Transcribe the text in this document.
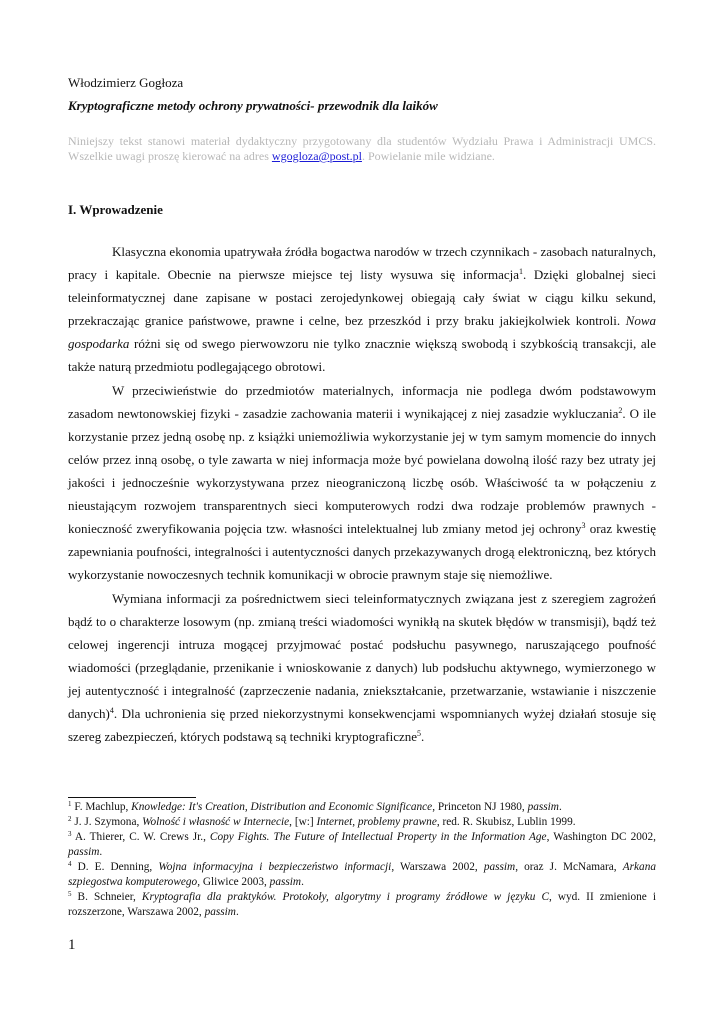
Włodzimierz Gogłoza
Kryptograficzne metody ochrony prywatności- przewodnik dla laików
Niniejszy tekst stanowi materiał dydaktyczny przygotowany dla studentów Wydziału Prawa i Administracji UMCS. Wszelkie uwagi proszę kierować na adres wgogloza@post.pl. Powielanie mile widziane.
I. Wprowadzenie

Klasyczna ekonomia upatrywała źródła bogactwa narodów w trzech czynnikach - zasobach naturalnych, pracy i kapitale. Obecnie na pierwsze miejsce tej listy wysuwa się informacja$^1$. Dzięki globalnej sieci teleinformatycznej dane zapisane w postaci zerojedynkowej obiegają cały świat w ciągu kilku sekund, przekraczając granice państwowe, prawne i celne, bez przeszkód i przy braku jakiejkolwiek kontroli. Nowa gospodarka różni się od swego pierwowzoru nie tylko znacznie większą swobodą i szybkością transakcji, ale także naturą przedmiotu podlegającego obrotowi.

W przeciwieństwie do przedmiotów materialnych, informacja nie podlega dwóm podstawowym zasadom newtonowskiej fizyki - zasadzie zachowania materii i wynikającej z niej zasadzie wykluczania$^2$. O ile korzystanie przez jedną osobę np. z książki uniemożliwia wykorzystanie jej w tym samym momencie do innych celów przez inną osobę, o tyle zawarta w niej informacja może być powielana dowolną ilość razy bez utraty jej jakości i jednocześnie wykorzystywana przez nieograniczoną liczbę osób. Właściwość ta w połączeniu z nieustającym rozwojem transparentnych sieci komputerowych rodzi dwa rodzaje problemów prawnych - konieczność zweryfikowania pojęcia tzw. własności intelektualnej lub zmiany metod jej ochrony$^3$ oraz kwestię zapewniania poufności, integralności i autentyczności danych przekazywanych drogą elektroniczną, bez których wykorzystanie nowoczesnych technik komunikacji w obrocie prawnym staje się niemożliwe.

Wymiana informacji za pośrednictwem sieci teleinformatycznych związana jest z szeregiem zagrożeń bądź to o charakterze losowym (np. zmianą treści wiadomości wynikłą na skutek błędów w transmisji), bądź też celowej ingerencji intruza mogącej przyjmować postać podsłuchu pasywnego, naruszającego poufność wiadomości (przeglądanie, przenikanie i wnioskowanie z danych) lub podsłuchu aktywnego, wymierzonego w jej autentyczność i integralność (zaprzeczenie nadania, zniekształcanie, przetwarzanie, wstawianie i niszczenie danych)$^4$. Dla uchronienia się przed niekorzystnymi konsekwencjami wspomnianych wyżej działań stosuje się szereg zabezpieczeń, których podstawą są techniki kryptograficzne$^5$.

$^1$ F. Machlup, Knowledge: It's Creation, Distribution and Economic Significance, Princeton NJ 1980, passim.
$^2$ J. J. Szymona, Wolność i własność w Internecie, [w:] Internet, problemy prawne, red. R. Skubisz, Lublin 1999.
$^3$ A. Thierer, C. W. Crews Jr., Copy Fights. The Future of Intellectual Property in the Information Age, Washington DC 2002, passim.
$^4$ D. E. Denning, Wojna informacyjna i bezpieczeństwo informacji, Warszawa 2002, passim, oraz J. McNamara, Arkana szpiegostwa komputerowego, Gliwice 2003, passim.
$^5$ B. Schneier, Kryptografia dla praktyków. Protokoły, algorytmy i programy źródłowe w języku C, wyd. II zmienione i rozszerzone, Warszawa 2002, passim.
1
